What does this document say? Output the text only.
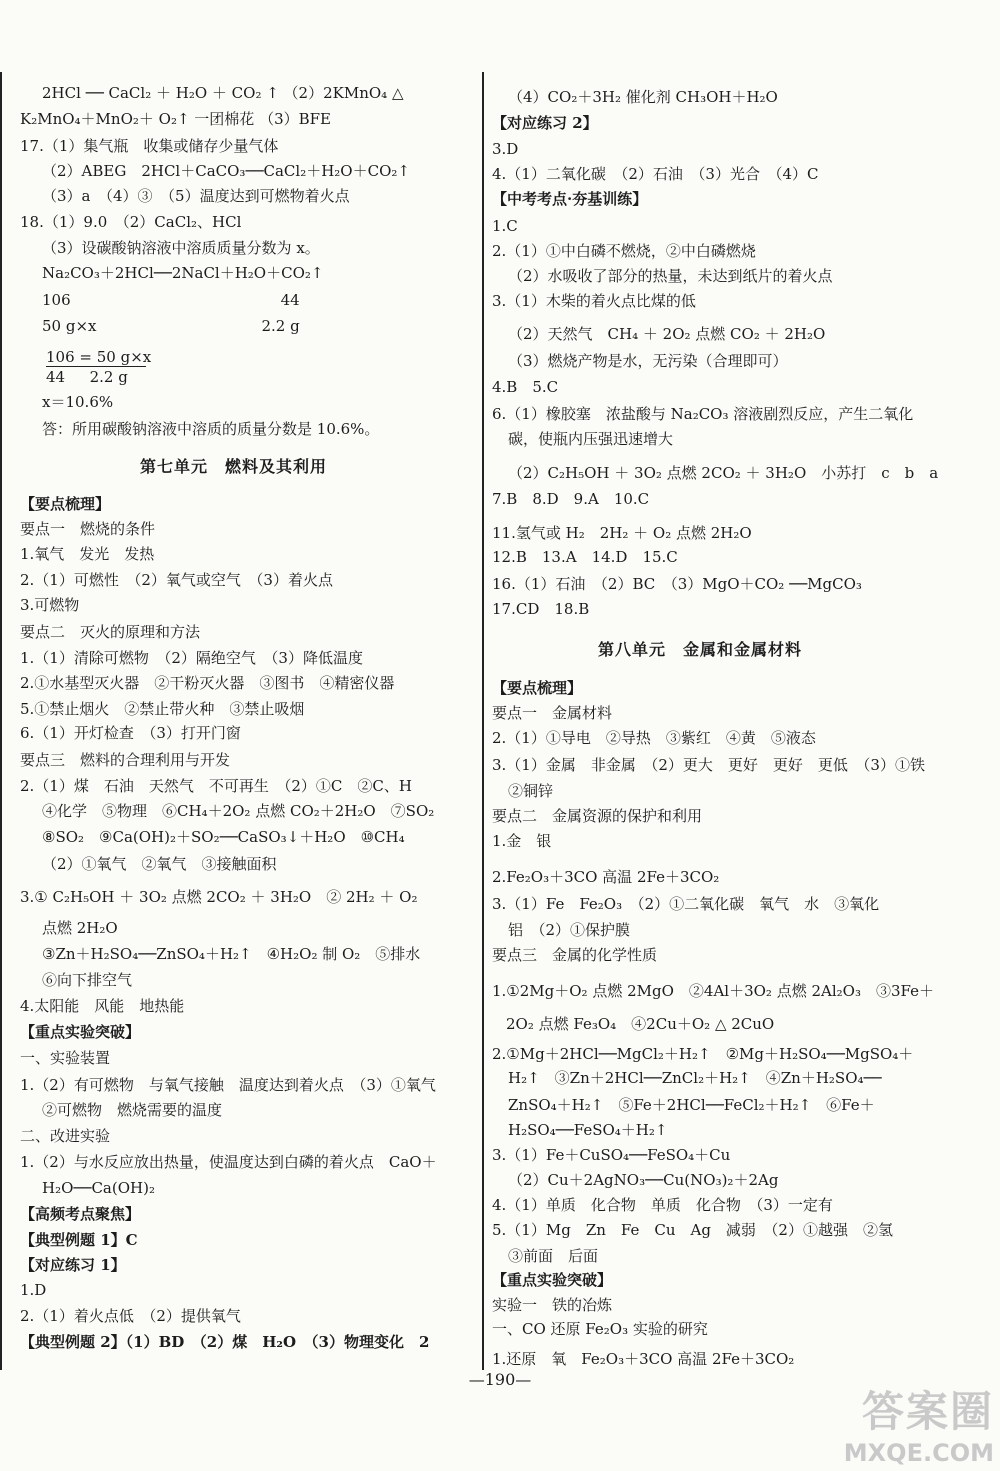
2HCl ── CaCl₂ ＋ H₂O ＋ CO₂ ↑ （2）2KMnO₄ △
K₂MnO₄＋MnO₂＋ O₂↑ 一团棉花 （3）BFE
17.（1）集气瓶　收集或储存少量气体
（2）ABEG　2HCl＋CaCO₃──CaCl₂＋H₂O＋CO₂↑
（3）a　（4）③　（5）温度达到可燃物着火点
18.（1）9.0　（2）CaCl₂、HCl
（3）设碳酸钠溶液中溶质质量分数为 x。
Na₂CO₃＋2HCl──2NaCl＋H₂O＋CO₂↑
106　　　　　　　　　　　　　　44
50 g×x　　　　　　　　　　　2.2 g
106 = 50 g×x
44 　 2.2 g
x＝10.6%
答：所用碳酸钠溶液中溶质的质量分数是 10.6%。
第七单元　燃料及其利用
【要点梳理】
要点一　燃烧的条件
1.氧气　发光　发热
2.（1）可燃性　（2）氧气或空气　（3）着火点
3.可燃物
要点二　灭火的原理和方法
1.（1）清除可燃物　（2）隔绝空气　（3）降低温度
2.①水基型灭火器　②干粉灭火器　③图书　④精密仪器
5.①禁止烟火　②禁止带火种　③禁止吸烟
6.（1）开灯检查　（3）打开门窗
要点三　燃料的合理利用与开发
2.（1）煤　石油　天然气　不可再生　（2）①C　②C、H
④化学　⑤物理　⑥CH₄＋2O₂ 点燃 CO₂＋2H₂O　⑦SO₂
⑧SO₂　⑨Ca(OH)₂＋SO₂──CaSO₃↓＋H₂O　⑩CH₄
（2）①氧气　②氧气　③接触面积
3.① C₂H₅OH ＋ 3O₂ 点燃 2CO₂ ＋ 3H₂O　② 2H₂ ＋ O₂
点燃 2H₂O
③Zn＋H₂SO₄──ZnSO₄＋H₂↑　④H₂O₂ 制 O₂　⑤排水
⑥向下排空气
4.太阳能　风能　地热能
【重点实验突破】
一、实验装置
1.（2）有可燃物　与氧气接触　温度达到着火点　（3）①氧气
②可燃物　燃烧需要的温度
二、改进实验
1.（2）与水反应放出热量，使温度达到白磷的着火点　CaO＋
H₂O──Ca(OH)₂
【高频考点聚焦】
【典型例题 1】C
【对应练习 1】
1.D
2.（1）着火点低　（2）提供氧气
【典型例题 2】（1）BD　（2）煤　H₂O　（3）物理变化　2
（4）CO₂＋3H₂ 催化剂 CH₃OH＋H₂O
【对应练习 2】
3.D
4.（1）二氧化碳　（2）石油　（3）光合　（4）C
【中考考点·夯基训练】
1.C
2.（1）①中白磷不燃烧，②中白磷燃烧
（2）水吸收了部分的热量，未达到纸片的着火点
3.（1）木柴的着火点比煤的低
（2）天然气　CH₄ ＋ 2O₂ 点燃 CO₂ ＋ 2H₂O
（3）燃烧产物是水，无污染（合理即可）
4.B　5.C
6.（1）橡胶塞　浓盐酸与 Na₂CO₃ 溶液剧烈反应，产生二氧化
碳，使瓶内压强迅速增大
（2）C₂H₅OH ＋ 3O₂ 点燃 2CO₂ ＋ 3H₂O　小苏打　c　b　a
7.B　8.D　9.A　10.C
11.氢气或 H₂　2H₂ ＋ O₂ 点燃 2H₂O
12.B　13.A　14.D　15.C
16.（1）石油　（2）BC　（3）MgO＋CO₂ ──MgCO₃
17.CD　18.B
第八单元　金属和金属材料
【要点梳理】
要点一　金属材料
2.（1）①导电　②导热　③紫红　④黄　⑤液态
3.（1）金属　非金属　（2）更大　更好　更好　更低　（3）①铁
②铜锌
要点二　金属资源的保护和利用
1.金　银
2.Fe₂O₃＋3CO 高温 2Fe＋3CO₂
3.（1）Fe　Fe₂O₃　（2）①二氧化碳　氧气　水　③氧化
铝　（2）①保护膜
要点三　金属的化学性质
1.①2Mg＋O₂ 点燃 2MgO　②4Al＋3O₂ 点燃 2Al₂O₃　③3Fe＋
2O₂ 点燃 Fe₃O₄　④2Cu＋O₂ △ 2CuO
2.①Mg＋2HCl──MgCl₂＋H₂↑　②Mg＋H₂SO₄──MgSO₄＋
H₂↑　③Zn＋2HCl──ZnCl₂＋H₂↑　④Zn＋H₂SO₄──
ZnSO₄＋H₂↑　⑤Fe＋2HCl──FeCl₂＋H₂↑　⑥Fe＋
H₂SO₄──FeSO₄＋H₂↑
3.（1）Fe＋CuSO₄──FeSO₄＋Cu
（2）Cu＋2AgNO₃──Cu(NO₃)₂＋2Ag
4.（1）单质　化合物　单质　化合物　（3）一定有
5.（1）Mg　Zn　Fe　Cu　Ag　减弱　（2）①越强　②氢
③前面　后面
【重点实验突破】
实验一　铁的冶炼
一、CO 还原 Fe₂O₃ 实验的研究
1.还原　氧　Fe₂O₃＋3CO 高温 2Fe＋3CO₂
—190—
答案圈
MXQE.COM
